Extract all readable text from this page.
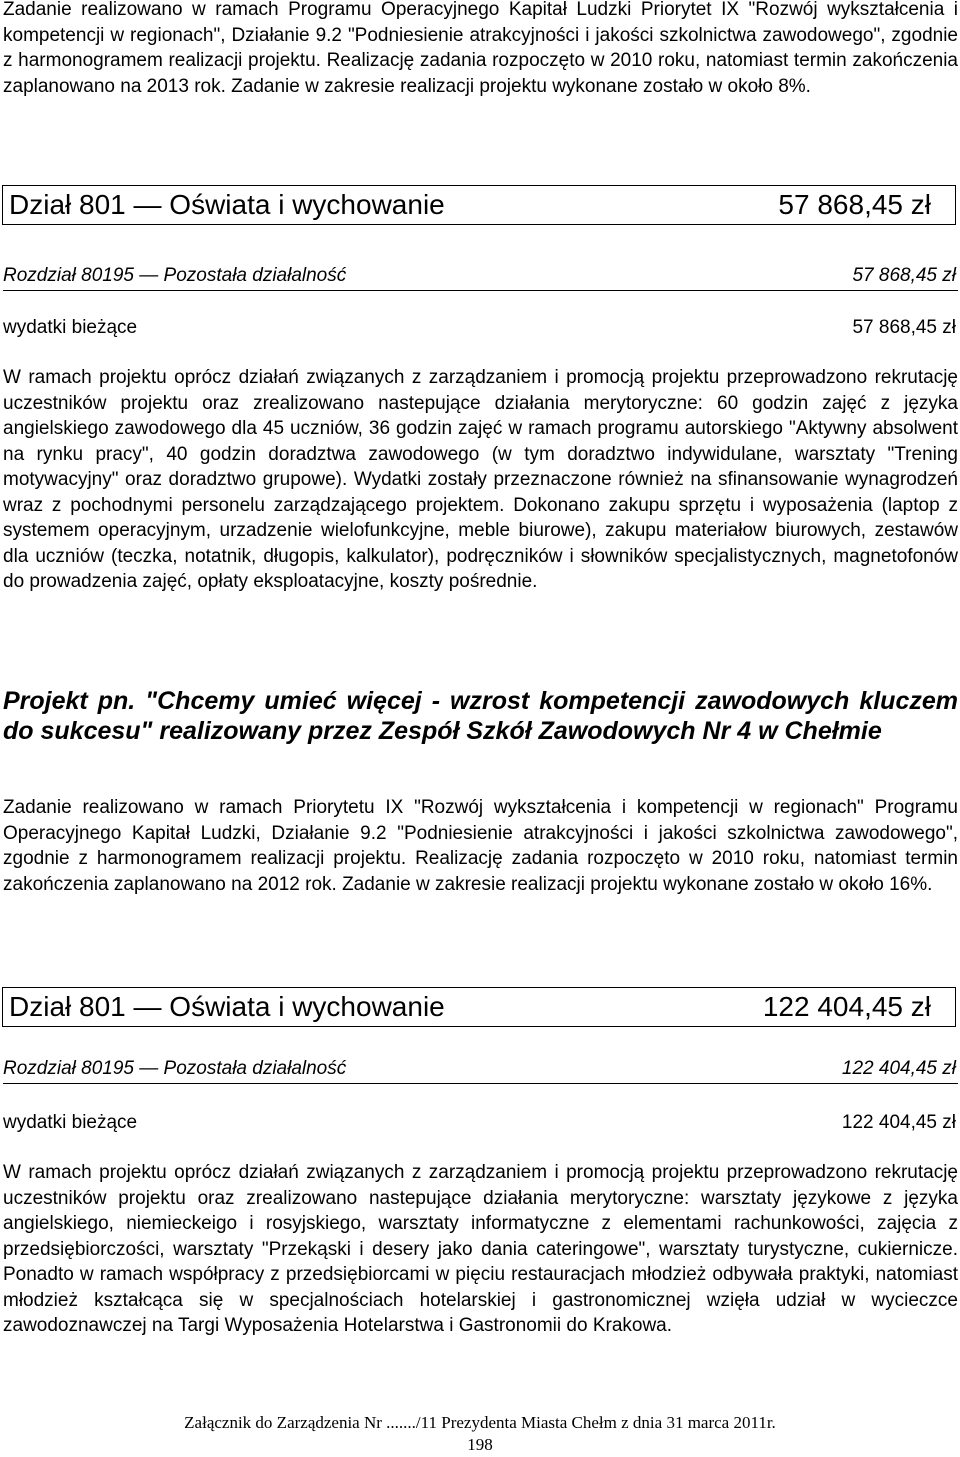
Zadanie realizowano w ramach Programu Operacyjnego Kapitał Ludzki Priorytet IX "Rozwój wykształcenia i kompetencji w regionach", Działanie 9.2 "Podniesienie atrakcyjności i jakości szkolnictwa zawodowego", zgodnie z harmonogramem realizacji projektu. Realizację zadania rozpoczęto w 2010 roku, natomiast termin zakończenia zaplanowano na 2013 rok. Zadanie w zakresie realizacji projektu wykonane zostało w około 8%.

Dział 801 — Oświata i wychowanie	57 868,45 zł
Rozdział 80195 — Pozostała działalność	57 868,45 zł
wydatki bieżące	57 868,45 zł

W ramach projektu oprócz działań związanych z zarządzaniem i promocją projektu przeprowadzono rekrutację uczestników projektu oraz zrealizowano nastepujące działania merytoryczne: 60 godzin zajęć z języka angielskiego zawodowego dla 45 uczniów, 36 godzin zajęć w ramach programu autorskiego "Aktywny absolwent na rynku pracy", 40 godzin doradztwa zawodowego (w tym doradztwo indywidulane, warsztaty "Trening motywacyjny" oraz doradztwo grupowe). Wydatki zostały przeznaczone również na sfinansowanie wynagrodzeń wraz z pochodnymi personelu zarządzającego projektem. Dokonano zakupu sprzętu i wyposażenia (laptop z systemem operacyjnym, urzadzenie wielofunkcyjne, meble biurowe), zakupu materiałow biurowych, zestawów dla uczniów (teczka, notatnik, długopis, kalkulator), podręczników i słowników specjalistycznych, magnetofonów do prowadzenia zajęć, opłaty eksploatacyjne, koszty pośrednie.

Projekt pn. "Chcemy umieć więcej - wzrost kompetencji zawodowych kluczem do sukcesu" realizowany przez Zespół Szkół Zawodowych Nr 4 w Chełmie

Zadanie realizowano w ramach Priorytetu IX "Rozwój wykształcenia i kompetencji w regionach" Programu Operacyjnego Kapitał Ludzki, Działanie 9.2 "Podniesienie atrakcyjności i jakości szkolnictwa zawodowego", zgodnie z harmonogramem realizacji projektu. Realizację zadania rozpoczęto w 2010 roku, natomiast termin zakończenia zaplanowano na 2012 rok. Zadanie w zakresie realizacji projektu wykonane zostało w około 16%.

Dział 801 — Oświata i wychowanie	122 404,45 zł
Rozdział 80195 — Pozostała działalność	122 404,45 zł
wydatki bieżące	122 404,45 zł

W ramach projektu oprócz działań związanych z zarządzaniem i promocją projektu przeprowadzono rekrutację uczestników projektu oraz zrealizowano nastepujące działania merytoryczne: warsztaty językowe z języka angielskiego, niemieckeigo i rosyjskiego, warsztaty informatyczne z elementami rachunkowości, zajęcia z przedsiębiorczości, warsztaty "Przekąski i desery jako dania cateringowe", warsztaty turystyczne, cukiernicze. Ponadto w ramach współpracy z przedsiębiorcami w pięciu restauracjach młodzież odbywała praktyki, natomiast młodzież kształcąca się w specjalnościach hotelarskiej i gastronomicznej wzięła udział w wycieczce zawodoznawczej na Targi Wyposażenia Hotelarstwa i Gastronomii do Krakowa.

Załącznik do Zarządzenia Nr ......./11 Prezydenta Miasta Chełm z dnia 31 marca 2011r.
198
